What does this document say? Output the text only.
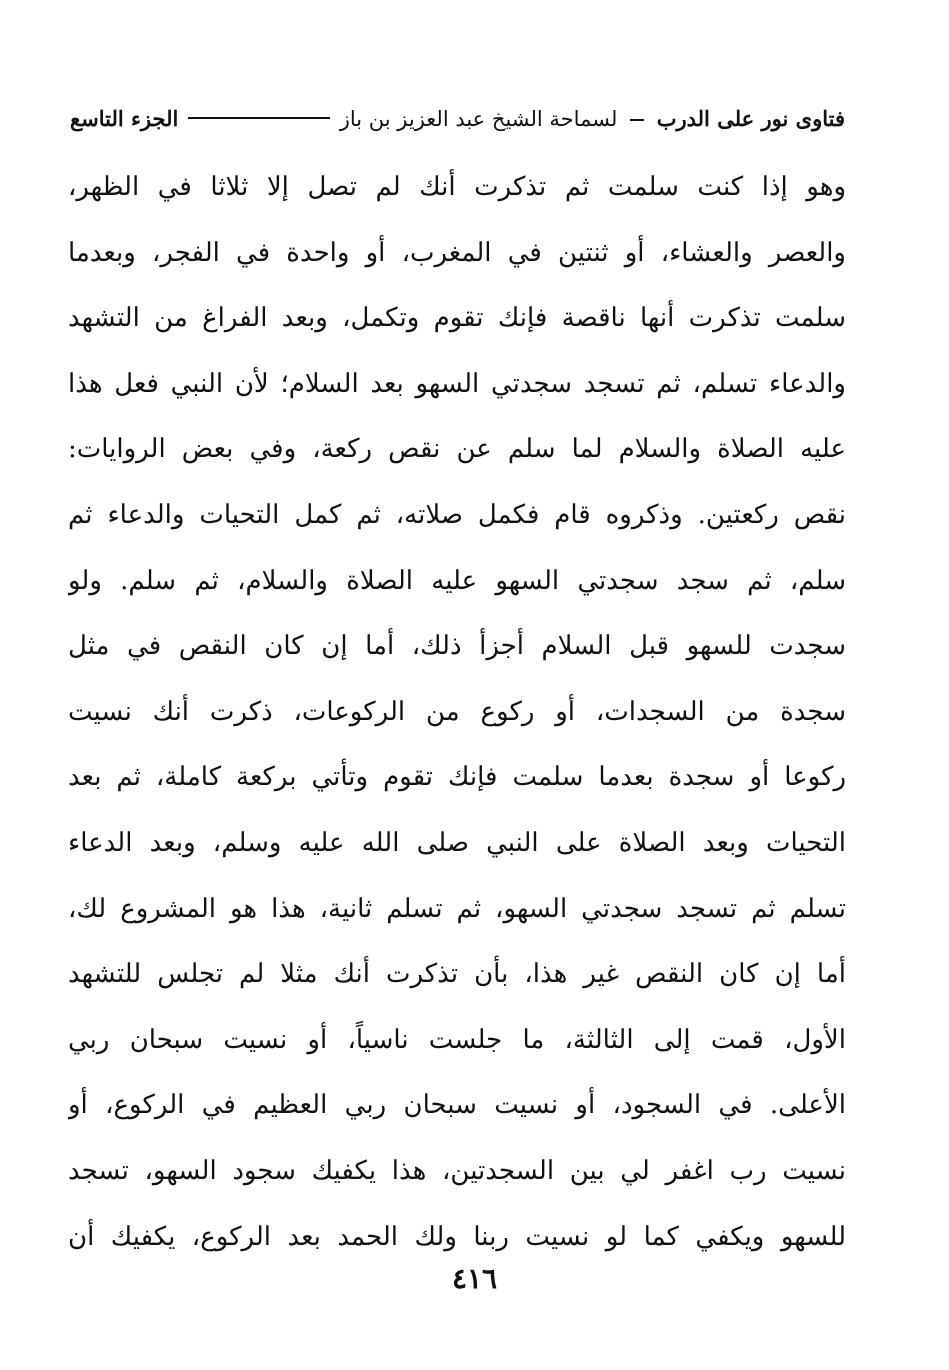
فتاوى نور على الدرب  لسماحة الشيخ عبد العزيز بن باز
الجزء التاسع
وهو إذا كنت سلمت ثم تذكرت أنك لم تصل إلا ثلاثا في الظهر،
والعصر والعشاء، أو ثنتين في المغرب، أو واحدة في الفجر، وبعدما
سلمت تذكرت أنها ناقصة فإنك تقوم وتكمل، وبعد الفراغ من التشهد
والدعاء تسلم، ثم تسجد سجدتي السهو بعد السلام؛ لأن النبي فعل هذا
عليه الصلاة والسلام لما سلم عن نقص ركعة، وفي بعض الروايات:
نقص ركعتين. وذكروه قام فكمل صلاته، ثم كمل التحيات والدعاء ثم
سلم، ثم سجد سجدتي السهو عليه الصلاة والسلام، ثم سلم. ولو
سجدت للسهو قبل السلام أجزأ ذلك، أما إن كان النقص في مثل
سجدة من السجدات، أو ركوع من الركوعات، ذكرت أنك نسيت
ركوعا أو سجدة بعدما سلمت فإنك تقوم وتأتي بركعة كاملة، ثم بعد
التحيات وبعد الصلاة على النبي صلى الله عليه وسلم، وبعد الدعاء
تسلم ثم تسجد سجدتي السهو، ثم تسلم ثانية، هذا هو المشروع لك،
أما إن كان النقص غير هذا، بأن تذكرت أنك مثلا لم تجلس للتشهد
الأول، قمت إلى الثالثة، ما جلست ناسياً، أو نسيت سبحان ربي
الأعلى. في السجود، أو نسيت سبحان ربي العظيم في الركوع، أو
نسيت رب اغفر لي بين السجدتين، هذا يكفيك سجود السهو، تسجد
للسهو ويكفي كما لو نسيت ربنا ولك الحمد بعد الركوع، يكفيك أن
٤١٦
